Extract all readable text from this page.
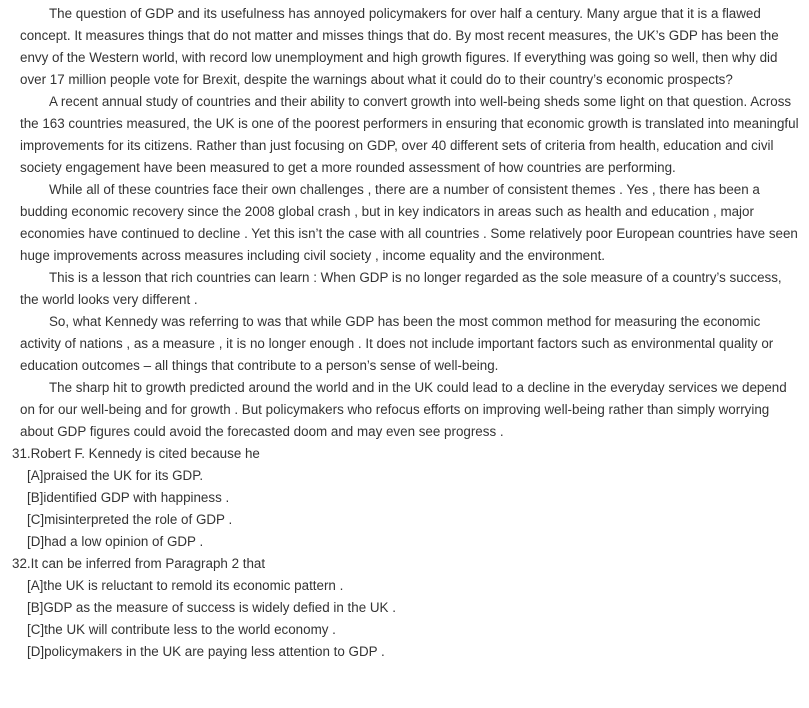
The question of GDP and its usefulness has annoyed policymakers for over half a century. Many argue that it is a flawed concept. It measures things that do not matter and misses things that do. By most recent measures, the UK’s GDP has been the envy of the Western world, with record low unemployment and high growth figures. If everything was going so well, then why did over 17 million people vote for Brexit, despite the warnings about what it could do to their country’s economic prospects?

A recent annual study of countries and their ability to convert growth into well-being sheds some light on that question. Across the 163 countries measured, the UK is one of the poorest performers in ensuring that economic growth is translated into meaningful improvements for its citizens. Rather than just focusing on GDP, over 40 different sets of criteria from health, education and civil society engagement have been measured to get a more rounded assessment of how countries are performing.

While all of these countries face their own challenges , there are a number of consistent themes . Yes , there has been a budding economic recovery since the 2008 global crash , but in key indicators in areas such as health and education , major economies have continued to decline . Yet this isn’t the case with all countries . Some relatively poor European countries have seen huge improvements across measures including civil society , income equality and the environment.

This is a lesson that rich countries can learn : When GDP is no longer regarded as the sole measure of a country’s success, the world looks very different .

So, what Kennedy was referring to was that while GDP has been the most common method for measuring the economic activity of nations , as a measure , it is no longer enough . It does not include important factors such as environmental quality or education outcomes – all things that contribute to a person’s sense of well-being.

The sharp hit to growth predicted around the world and in the UK could lead to a decline in the everyday services we depend on for our well-being and for growth . But policymakers who refocus efforts on improving well-being rather than simply worrying about GDP figures could avoid the forecasted doom and may even see progress .

31.Robert F. Kennedy is cited because he

[A]praised the UK for its GDP.

[B]identified GDP with happiness .

[C]misinterpreted the role of GDP .

[D]had a low opinion of GDP .

32.It can be inferred from Paragraph 2 that

[A]the UK is reluctant to remold its economic pattern .

[B]GDP as the measure of success is widely defied in the UK .

[C]the UK will contribute less to the world economy .

[D]policymakers in the UK are paying less attention to GDP .
